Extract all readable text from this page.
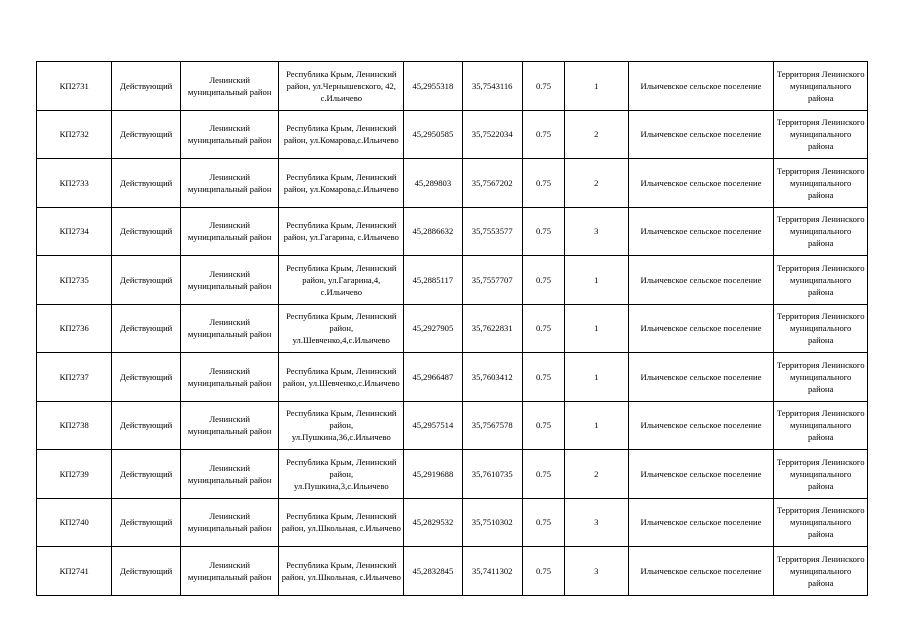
КП2731	Действующий	Ленинский муниципальный район	Республика Крым, Ленинский район, ул.Чернышевского, 42, с.Ильичево	45,2955318	35,7543116	0.75	1	Ильичевское сельское поселение	Территория Ленинского муниципального района
КП2732	Действующий	Ленинский муниципальный район	Республика Крым, Ленинский район, ул.Комарова,с.Ильичево	45,2950585	35,7522034	0.75	2	Ильичевское сельское поселение	Территория Ленинского муниципального района
КП2733	Действующий	Ленинский муниципальный район	Республика Крым, Ленинский район, ул.Комарова,с.Ильичево	45,289803	35,7567202	0.75	2	Ильичевское сельское поселение	Территория Ленинского муниципального района
КП2734	Действующий	Ленинский муниципальный район	Республика Крым, Ленинский район, ул.Гагарина, с.Ильичево	45,2886632	35,7553577	0.75	3	Ильичевское сельское поселение	Территория Ленинского муниципального района
КП2735	Действующий	Ленинский муниципальный район	Республика Крым, Ленинский район, ул.Гагарина,4, с.Ильичево	45,2885117	35,7557707	0.75	1	Ильичевское сельское поселение	Территория Ленинского муниципального района
КП2736	Действующий	Ленинский муниципальный район	Республика Крым, Ленинский район, ул.Шевченко,4,с.Ильичево	45,2927905	35,7622831	0.75	1	Ильичевское сельское поселение	Территория Ленинского муниципального района
КП2737	Действующий	Ленинский муниципальный район	Республика Крым, Ленинский район, ул.Шевченко,с.Ильичево	45,2966487	35,7603412	0.75	1	Ильичевское сельское поселение	Территория Ленинского муниципального района
КП2738	Действующий	Ленинский муниципальный район	Республика Крым, Ленинский район, ул.Пушкина,36,с.Ильичево	45,2957514	35,7567578	0.75	1	Ильичевское сельское поселение	Территория Ленинского муниципального района
КП2739	Действующий	Ленинский муниципальный район	Республика Крым, Ленинский район, ул.Пушкина,3,с.Ильичево	45,2919688	35,7610735	0.75	2	Ильичевское сельское поселение	Территория Ленинского муниципального района
КП2740	Действующий	Ленинский муниципальный район	Республика Крым, Ленинский район, ул.Школьная, с.Ильичево	45,2829532	35,7510302	0.75	3	Ильичевское сельское поселение	Территория Ленинского муниципального района
КП2741	Действующий	Ленинский муниципальный район	Республика Крым, Ленинский район, ул.Школьная, с.Ильичево	45,2832845	35,7411302	0.75	3	Ильичевское сельское поселение	Территория Ленинского муниципального района
